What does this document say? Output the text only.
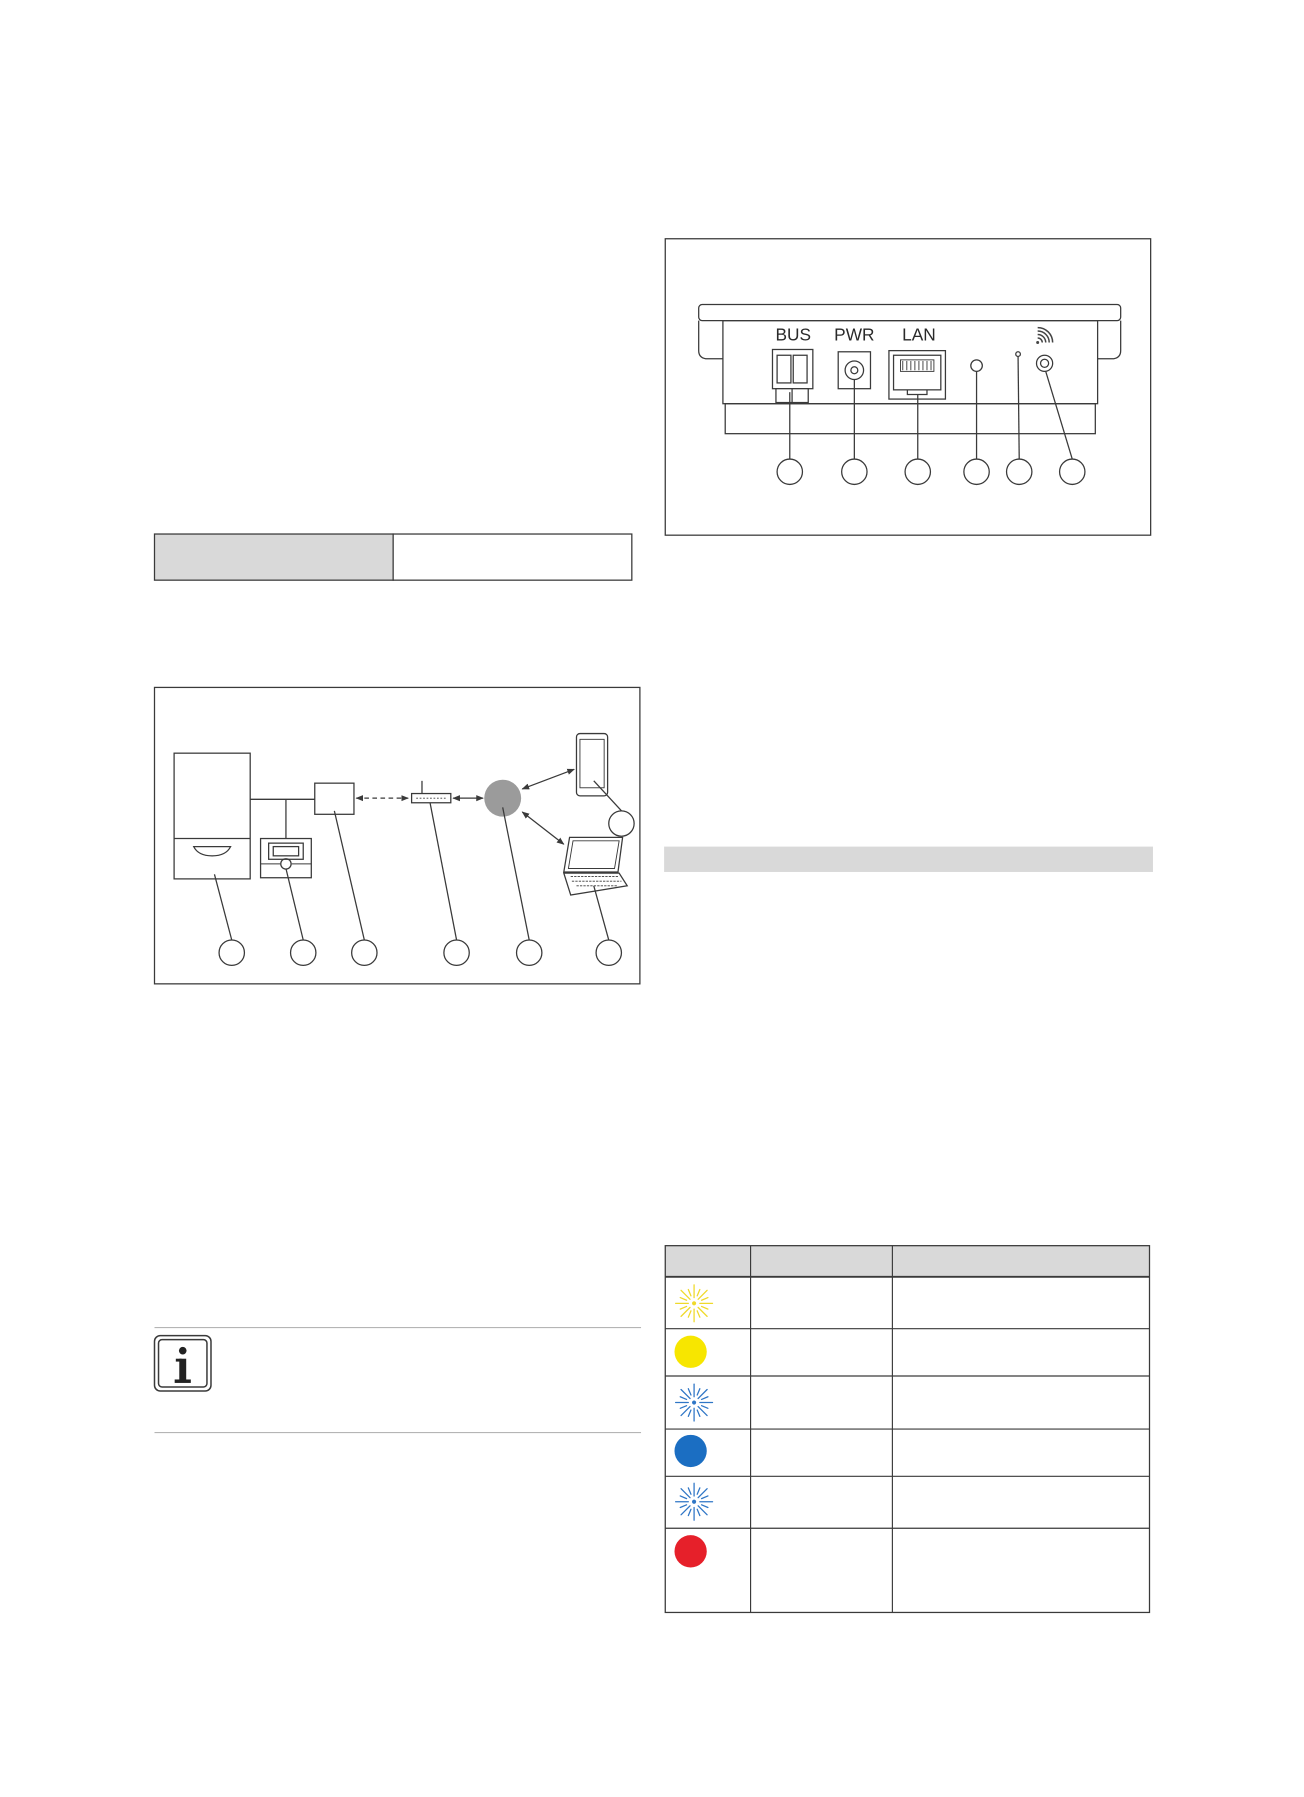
BUS PWR LAN
